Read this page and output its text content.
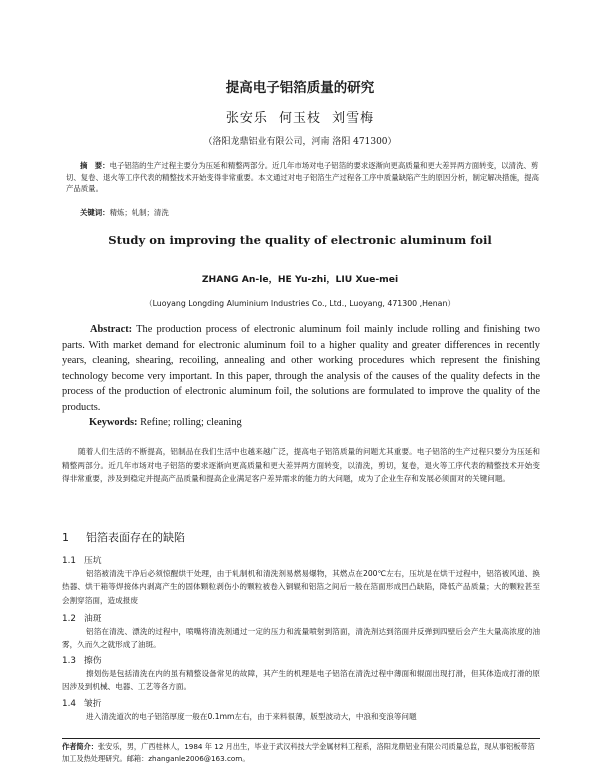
提高电子铝箔质量的研究
张安乐 何玉枝 刘雪梅
（洛阳龙鼎铝业有限公司，河南 洛阳 471300）
摘　要：电子铝箔的生产过程主要分为压延和精整两部分。近几年市场对电子铝箔的要求逐渐向更高质量和更大差异两方面转变，以清洗、剪切、复卷、退火等工序代表的精整技术开始变得非常重要。本文通过对电子铝箔生产过程各工序中质量缺陷产生的原因分析，制定解决措施，提高产品质量。
关键词：精炼；轧制；清洗
Study on improving the quality of electronic aluminum foil
ZHANG An-le，HE Yu-zhi，LIU Xue-mei
（Luoyang Longding Aluminium Industries Co., Ltd., Luoyang, 471300 ,Henan）
Abstract: The production process of electronic aluminum foil mainly include rolling and finishing two parts. With market demand for electronic aluminum foil to a higher quality and greater differences in recently years, cleaning, shearing, recoiling, annealing and other working procedures which represent the finishing technology become very important. In this paper, through the analysis of the causes of the quality defects in the process of the production of electronic aluminum foil, the solutions are formulated to improve the quality of the products.
Keywords: Refine; rolling; cleaning
随着人们生活的不断提高，铝制品在我们生活中也越来越广泛，提高电子铝箔质量的问题尤其重要。电子铝箔的生产过程只要分为压延和精整两部分。近几年市场对电子铝箔的要求逐渐向更高质量和更大差异两方面转变，以清洗，剪切，复卷，退火等工序代表的精整技术开始变得非常重要，涉及到稳定并提高产品质量和提高企业满足客户差异需求的能力的大问题，成为了企业生存和发展必须面对的关键问题。
1 铝箔表面存在的缺陷
1.1 压坑
铝箔被清洗干净后必须惊醒烘干处理，由于轧制机和清洗剂易燃易爆物，其燃点在200℃左右，压坑是在烘干过程中，铝箔被风道、换热器、烘干箱等焊接体内剥离产生的固体颗粒剥伤小的颗粒被卷入铜辊和铝箔之间后一般在箔面形成凹凸缺陷，降低产品质量；大的颗粒甚至会割穿箔面，造成报废
1.2 油斑
铝箔在清洗、漂洗的过程中，喷嘴将清洗剂通过一定的压力和流量喷射到箔面，清洗剂达到箔面并反弹到四壁后会产生大量高浓度的油雾，久而久之就形成了油斑。
1.3 擦伤
擦划伤是包括清洗在内的虽有精整设备常见的故障，其产生的机理是电子铝箔在清洗过程中薄面和辊面出现打滑，但其体造成打滑的原因涉及到机械、电器、工艺等各方面。
1.4 皱折
进入清洗道次的电子铝箔厚度一般在0.1mm左右，由于来料很薄，版型波动大，中浪和变浪等问题
作者简介：张安乐，男，广西桂林人，1984 年 12 月出生，毕业于武汉科技大学金属材料工程系，洛阳龙鼎铝业有限公司质量总监，现从事铝板带箔加工及热处理研究。邮箱：zhanganle2006@163.com。
